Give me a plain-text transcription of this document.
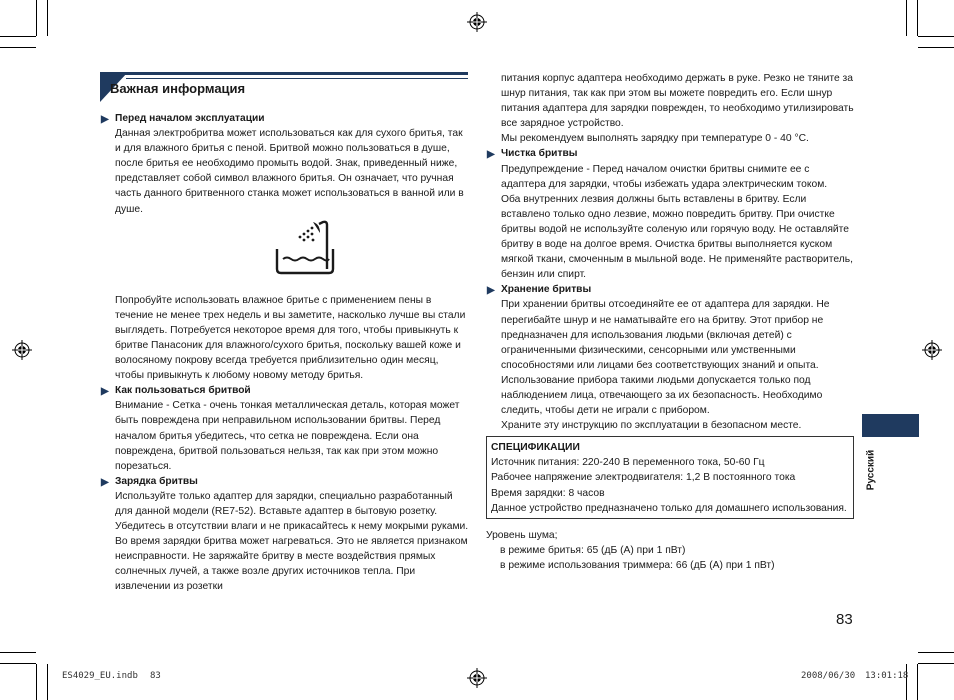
Важная информация
▶ Перед началом эксплуатации

Данная электробритва может использоваться как для сухого бритья, так и для влажного бритья с пеной. Бритвой можно пользоваться в душе, после бритья ее необходимо промыть водой. Знак, приведенный ниже, представляет собой символ влажного бритья. Он означает, что ручная часть данного бритвенного станка может использоваться в ванной или в душе.

Попробуйте использовать влажное бритье с применением пены в течение не менее трех недель и вы заметите, насколько лучше вы стали выглядеть. Потребуется некоторое время для того, чтобы привыкнуть к бритве Панасоник для влажного/сухого бритья, поскольку вашей коже и волосяному покрову всегда требуется приблизительно один месяц, чтобы привыкнуть к любому новому методу бритья.

▶ Как пользоваться бритвой

Внимание - Сетка - очень тонкая металлическая деталь, которая может быть повреждена при неправильном использовании бритвы. Перед началом бритья убедитесь, что сетка не повреждена. Если она повреждена, бритвой пользоваться нельзя, так как при этом можно порезаться.

▶ Зарядка бритвы

Используйте только адаптер для зарядки, специально разработанный для данной модели (RE7-52). Вставьте адаптер в бытовую розетку. Убедитесь в отсутствии влаги и не прикасайтесь к нему мокрыми руками. Во время зарядки бритва может нагреваться. Это не является признаком неисправности. Не заряжайте бритву в месте воздействия прямых солнечных лучей, а также возле других источников тепла. При извлечении из розетки

питания корпус адаптера необходимо держать в руке. Резко не тяните за шнур питания, так как при этом вы можете повредить его. Если шнур питания адаптера для зарядки поврежден, то необходимо утилизировать все зарядное устройство.

Мы рекомендуем выполнять зарядку при температуре 0 - 40 °C.

▶ Чистка бритвы

Предупреждение - Перед началом очистки бритвы снимите ее с адаптера для зарядки, чтобы избежать удара электрическим током.

Оба внутренних лезвия должны быть вставлены в бритву. Если вставлено только одно лезвие, можно повредить бритву. При очистке бритвы водой не используйте соленую или горячую воду. Не оставляйте бритву в воде на долгое время. Очистка бритвы выполняется куском мягкой ткани, смоченным в мыльной воде. Не применяйте растворитель, бензин или спирт.

▶ Хранение бритвы

При хранении бритвы отсоединяйте ее от адаптера для зарядки. Не перегибайте шнур и не наматывайте его на бритву. Этот прибор не предназначен для использования людьми (включая детей) с ограниченными физическими, сенсорными или умственными способностями или лицами без соответствующих знаний и опыта. Использование прибора такими людьми допускается только под наблюдением лица, отвечающего за их безопасность. Необходимо следить, чтобы дети не играли с прибором.

Храните эту инструкцию по эксплуатации в безопасном месте.

СПЕЦИФИКАЦИИ

Источник питания: 220-240 В переменного тока, 50-60 Гц

Рабочее напряжение электродвигателя: 1,2 В постоянного тока

Время зарядки: 8 часов

Данное устройство предназначено только для домашнего использования.

Уровень шума;

в режиме бритья: 65 (дБ (A) при 1 пВт)

в режиме использования триммера: 66 (дБ (A) при 1 пВт)

Русский
83
ES4029_EU.indb 83	2008/06/30 13:01:18
